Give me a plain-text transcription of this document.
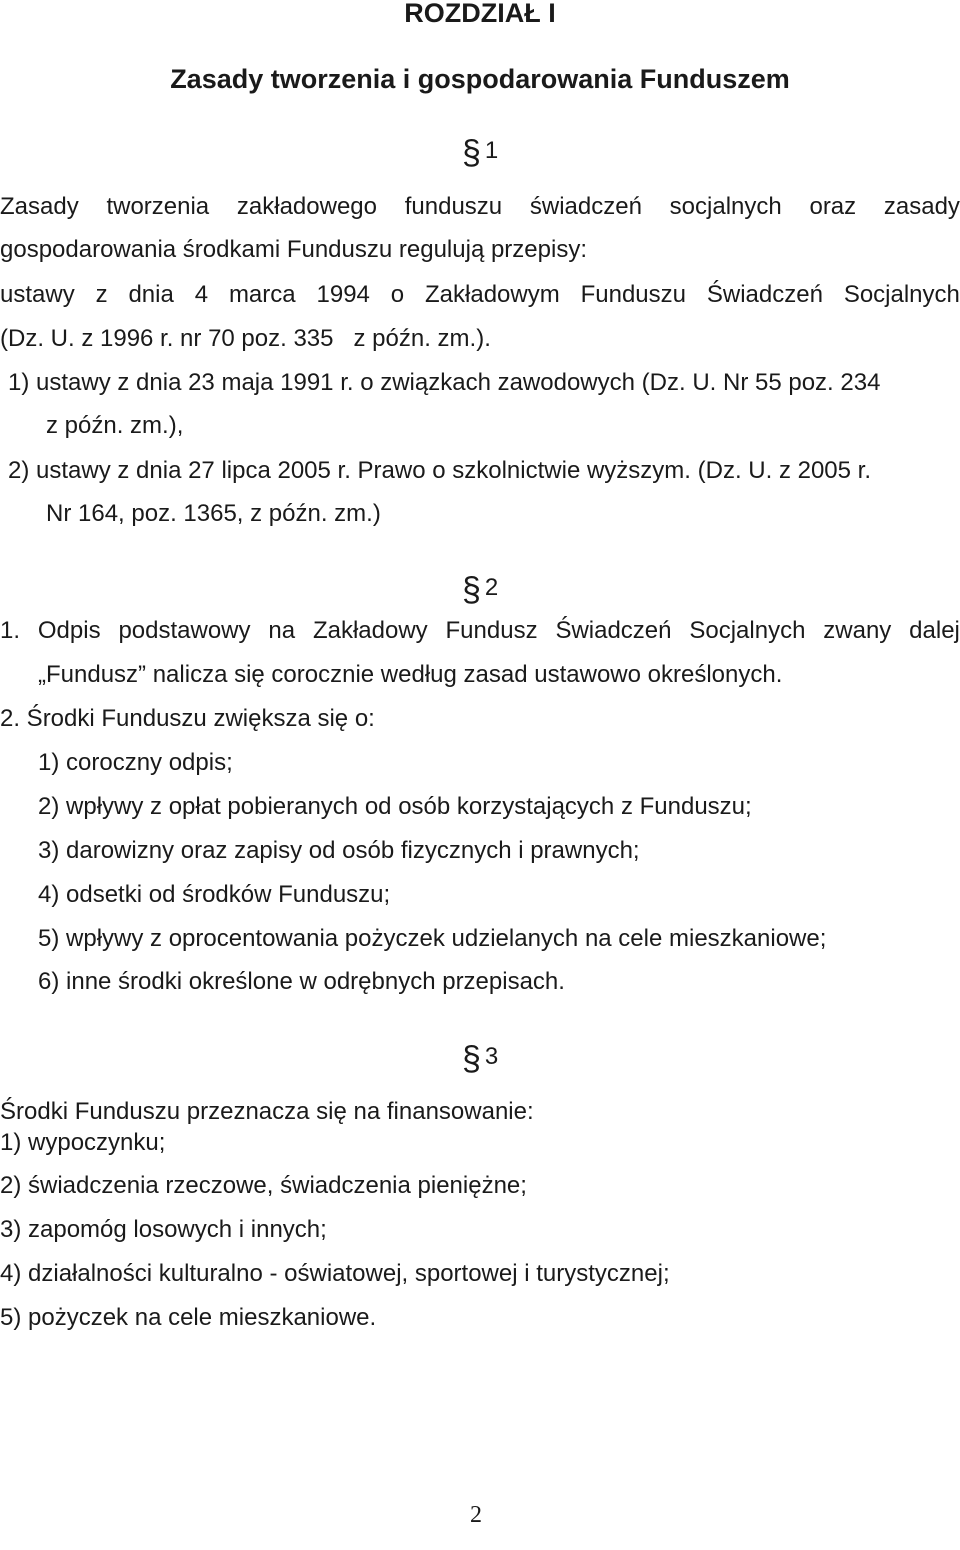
ROZDZIAŁ I
Zasady tworzenia i gospodarowania Funduszem
§ 1
Zasady tworzenia zakładowego funduszu świadczeń socjalnych oraz zasady
gospodarowania środkami Funduszu regulują przepisy:
ustawy z dnia 4 marca 1994 o Zakładowym Funduszu Świadczeń Socjalnych
(Dz. U. z 1996 r. nr 70 poz. 335   z późn. zm.).
1) ustawy z dnia 23 maja 1991 r. o związkach zawodowych (Dz. U. Nr 55 poz. 234
z późn. zm.),
2) ustawy z dnia 27 lipca 2005 r. Prawo o szkolnictwie wyższym. (Dz. U. z 2005 r.
Nr 164, poz. 1365, z późn. zm.)
§ 2
1. Odpis podstawowy na Zakładowy Fundusz Świadczeń Socjalnych zwany dalej
„Fundusz” nalicza się corocznie według zasad ustawowo określonych.
2. Środki Funduszu zwiększa się o:
1) coroczny odpis;
2) wpływy z opłat pobieranych od osób korzystających z Funduszu;
3) darowizny oraz zapisy od osób fizycznych i prawnych;
4) odsetki od środków Funduszu;
5) wpływy z oprocentowania pożyczek udzielanych na cele mieszkaniowe;
6) inne środki określone w odrębnych przepisach.
§ 3
Środki Funduszu przeznacza się na finansowanie:
1) wypoczynku;
2) świadczenia rzeczowe, świadczenia pieniężne;
3) zapomóg losowych i innych;
4) działalności kulturalno - oświatowej, sportowej i turystycznej;
5) pożyczek na cele mieszkaniowe.
2
